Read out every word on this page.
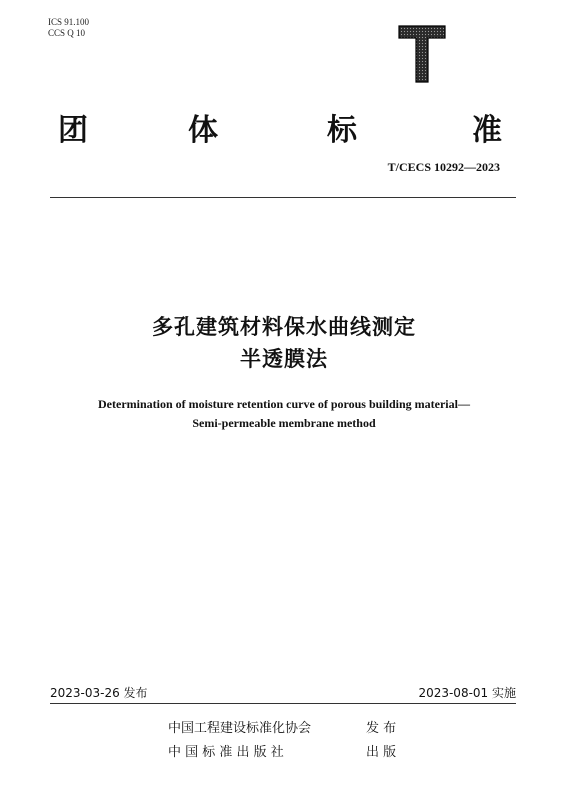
ICS 91.100
CCS Q 10
团	体	标	准
T/CECS 10292—2023
多孔建筑材料保水曲线测定
半透膜法
Determination of moisture retention curve of porous building material—
Semi-permeable membrane method
2023-03-26 发布	2023-08-01 实施
中国工程建设标准化协会	发 布
中 国 标 准 出 版 社	出 版
